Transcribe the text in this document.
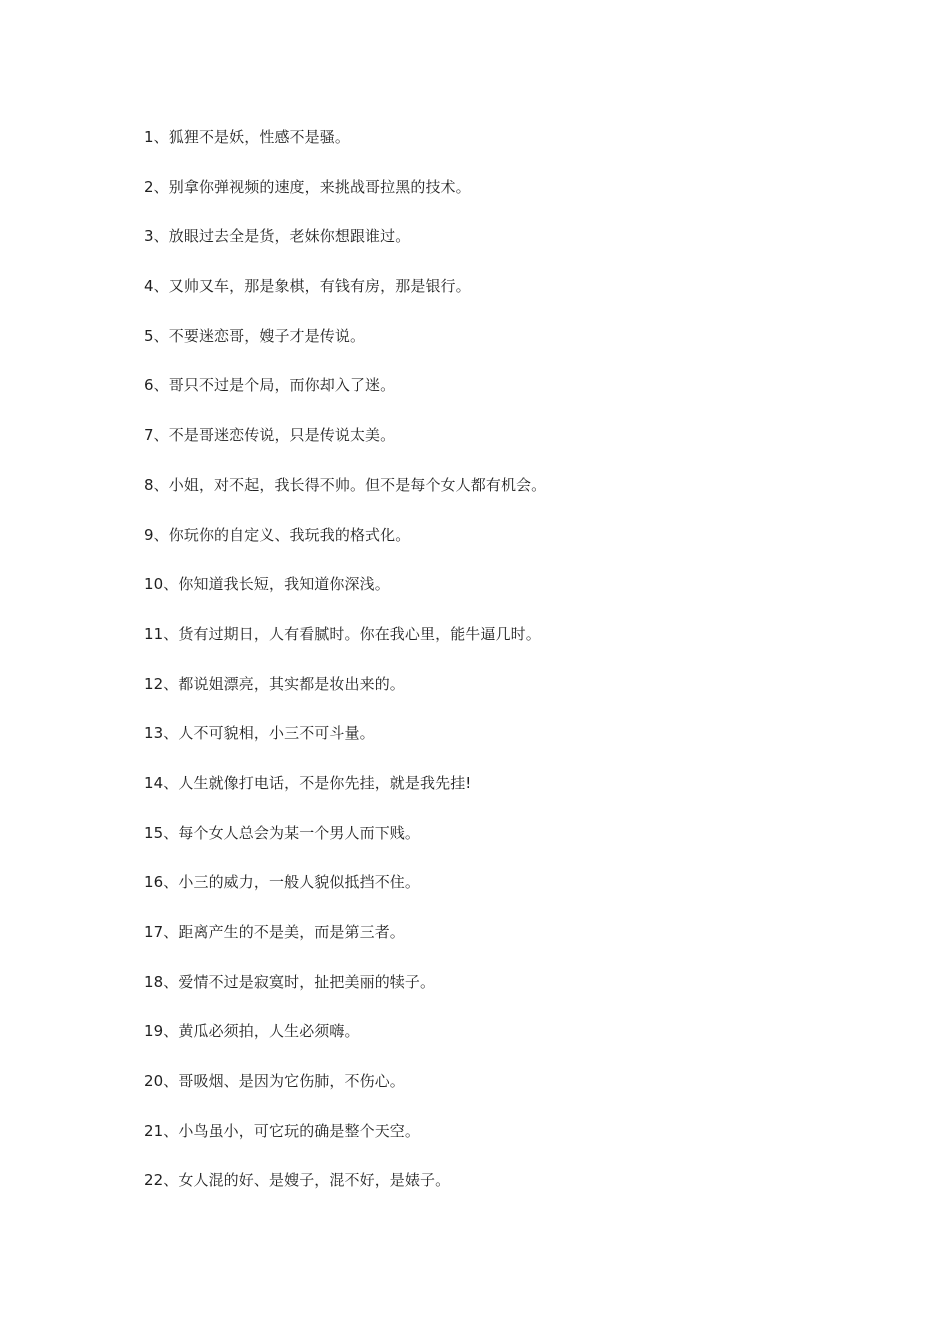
1、狐狸不是妖，性感不是骚。
2、别拿你弹视频的速度，来挑战哥拉黑的技术。
3、放眼过去全是货，老妹你想跟谁过。
4、又帅又车，那是象棋，有钱有房，那是银行。
5、不要迷恋哥，嫂子才是传说。
6、哥只不过是个局，而你却入了迷。
7、不是哥迷恋传说，只是传说太美。
8、小姐，对不起，我长得不帅。但不是每个女人都有机会。
9、你玩你的自定义、我玩我的格式化。
10、你知道我长短，我知道你深浅。
11、货有过期日，人有看腻时。你在我心里，能牛逼几时。
12、都说姐漂亮，其实都是妆出来的。
13、人不可貌相，小三不可斗量。
14、人生就像打电话，不是你先挂，就是我先挂!
15、每个女人总会为某一个男人而下贱。
16、小三的威力，一般人貌似抵挡不住。
17、距离产生的不是美，而是第三者。
18、爱情不过是寂寞时，扯把美丽的犊子。
19、黄瓜必须拍，人生必须嗨。
20、哥吸烟、是因为它伤肺，不伤心。
21、小鸟虽小，可它玩的确是整个天空。
22、女人混的好、是嫂子，混不好，是婊子。
